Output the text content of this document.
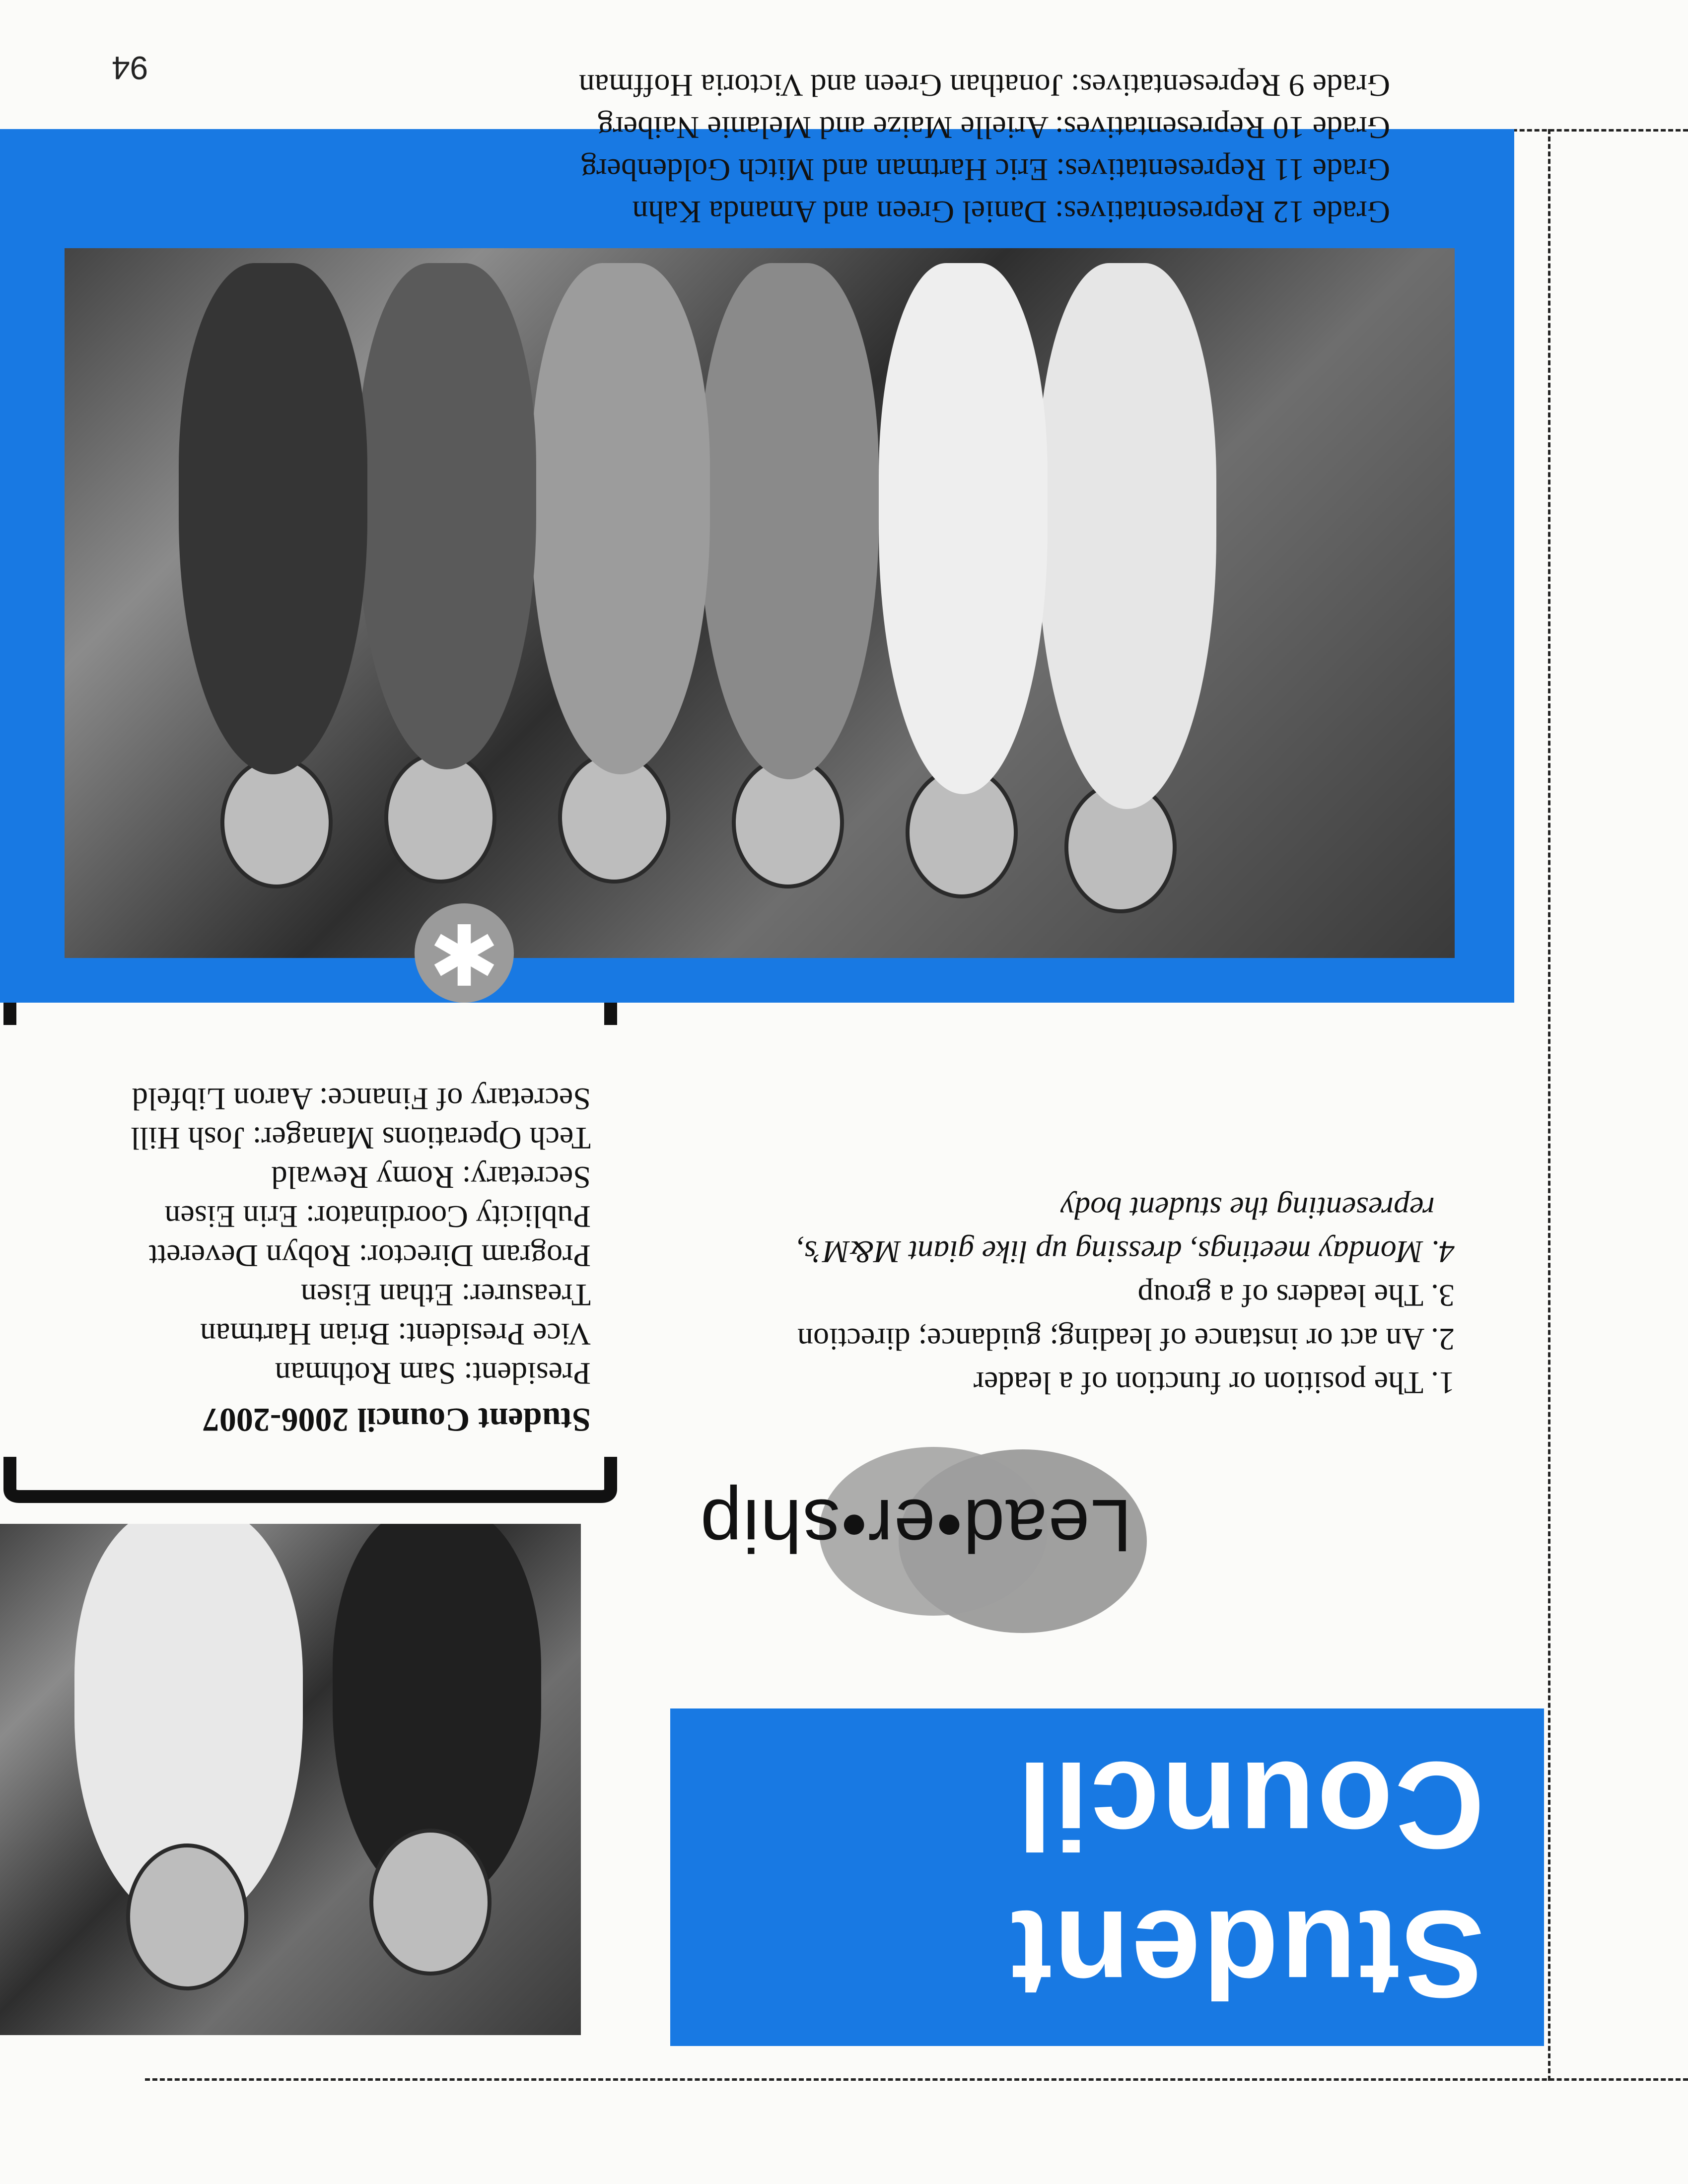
94
Student
Council
Lead•er•ship
1. The position or function of a leader
2. An act or instance of leading; guidance; direction
3. The leaders of a group
4. Monday meetings, dressing up like giant M&M’s,
representing the student body
Student Council 2006-2007
President: Sam Rothman
Vice President: Brian Hartman
Treasurer: Ethan Eisen
Program Director: Robyn Deverett
Publicity Coordinator: Erin Eisen
Secretary: Romy Rewald
Tech Operations Manager: Josh Hill
Secretary of Finance: Aaron Libfeld
✱
Grade 12 Representatives: Daniel Green and Amanda Kahn
Grade 11 Representatives: Eric Hartman and Mitch Goldenberg
Grade 10 Representatives: Arielle Maize and Melanie Naiberg
Grade 9 Representatives: Jonathan Green and Victoria Hoffman
